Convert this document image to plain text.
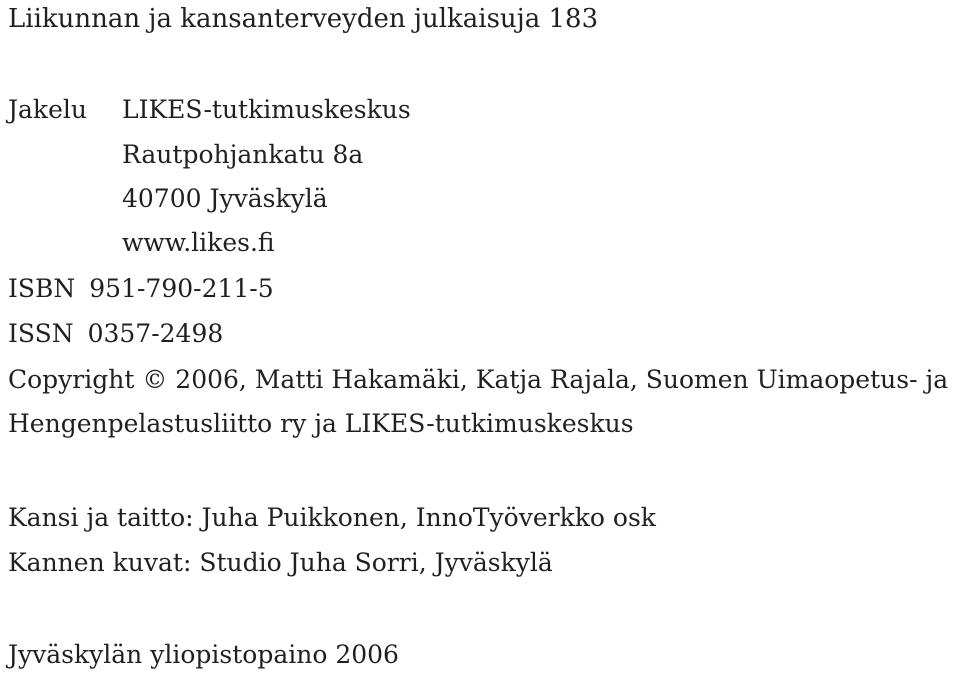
Liikunnan ja kansanterveyden julkaisuja 183
Jakelu LIKES-tutkimuskeskus
Rautpohjankatu 8a
40700 Jyväskylä
www.likes.fi
ISBN 951-790-211-5
ISSN 0357-2498
Copyright © 2006, Matti Hakamäki, Katja Rajala, Suomen Uimaopetus- ja
Hengenpelastusliitto ry ja LIKES-tutkimuskeskus
Kansi ja taitto: Juha Puikkonen, InnoTyöverkko osk
Kannen kuvat: Studio Juha Sorri, Jyväskylä
Jyväskylän yliopistopaino 2006
